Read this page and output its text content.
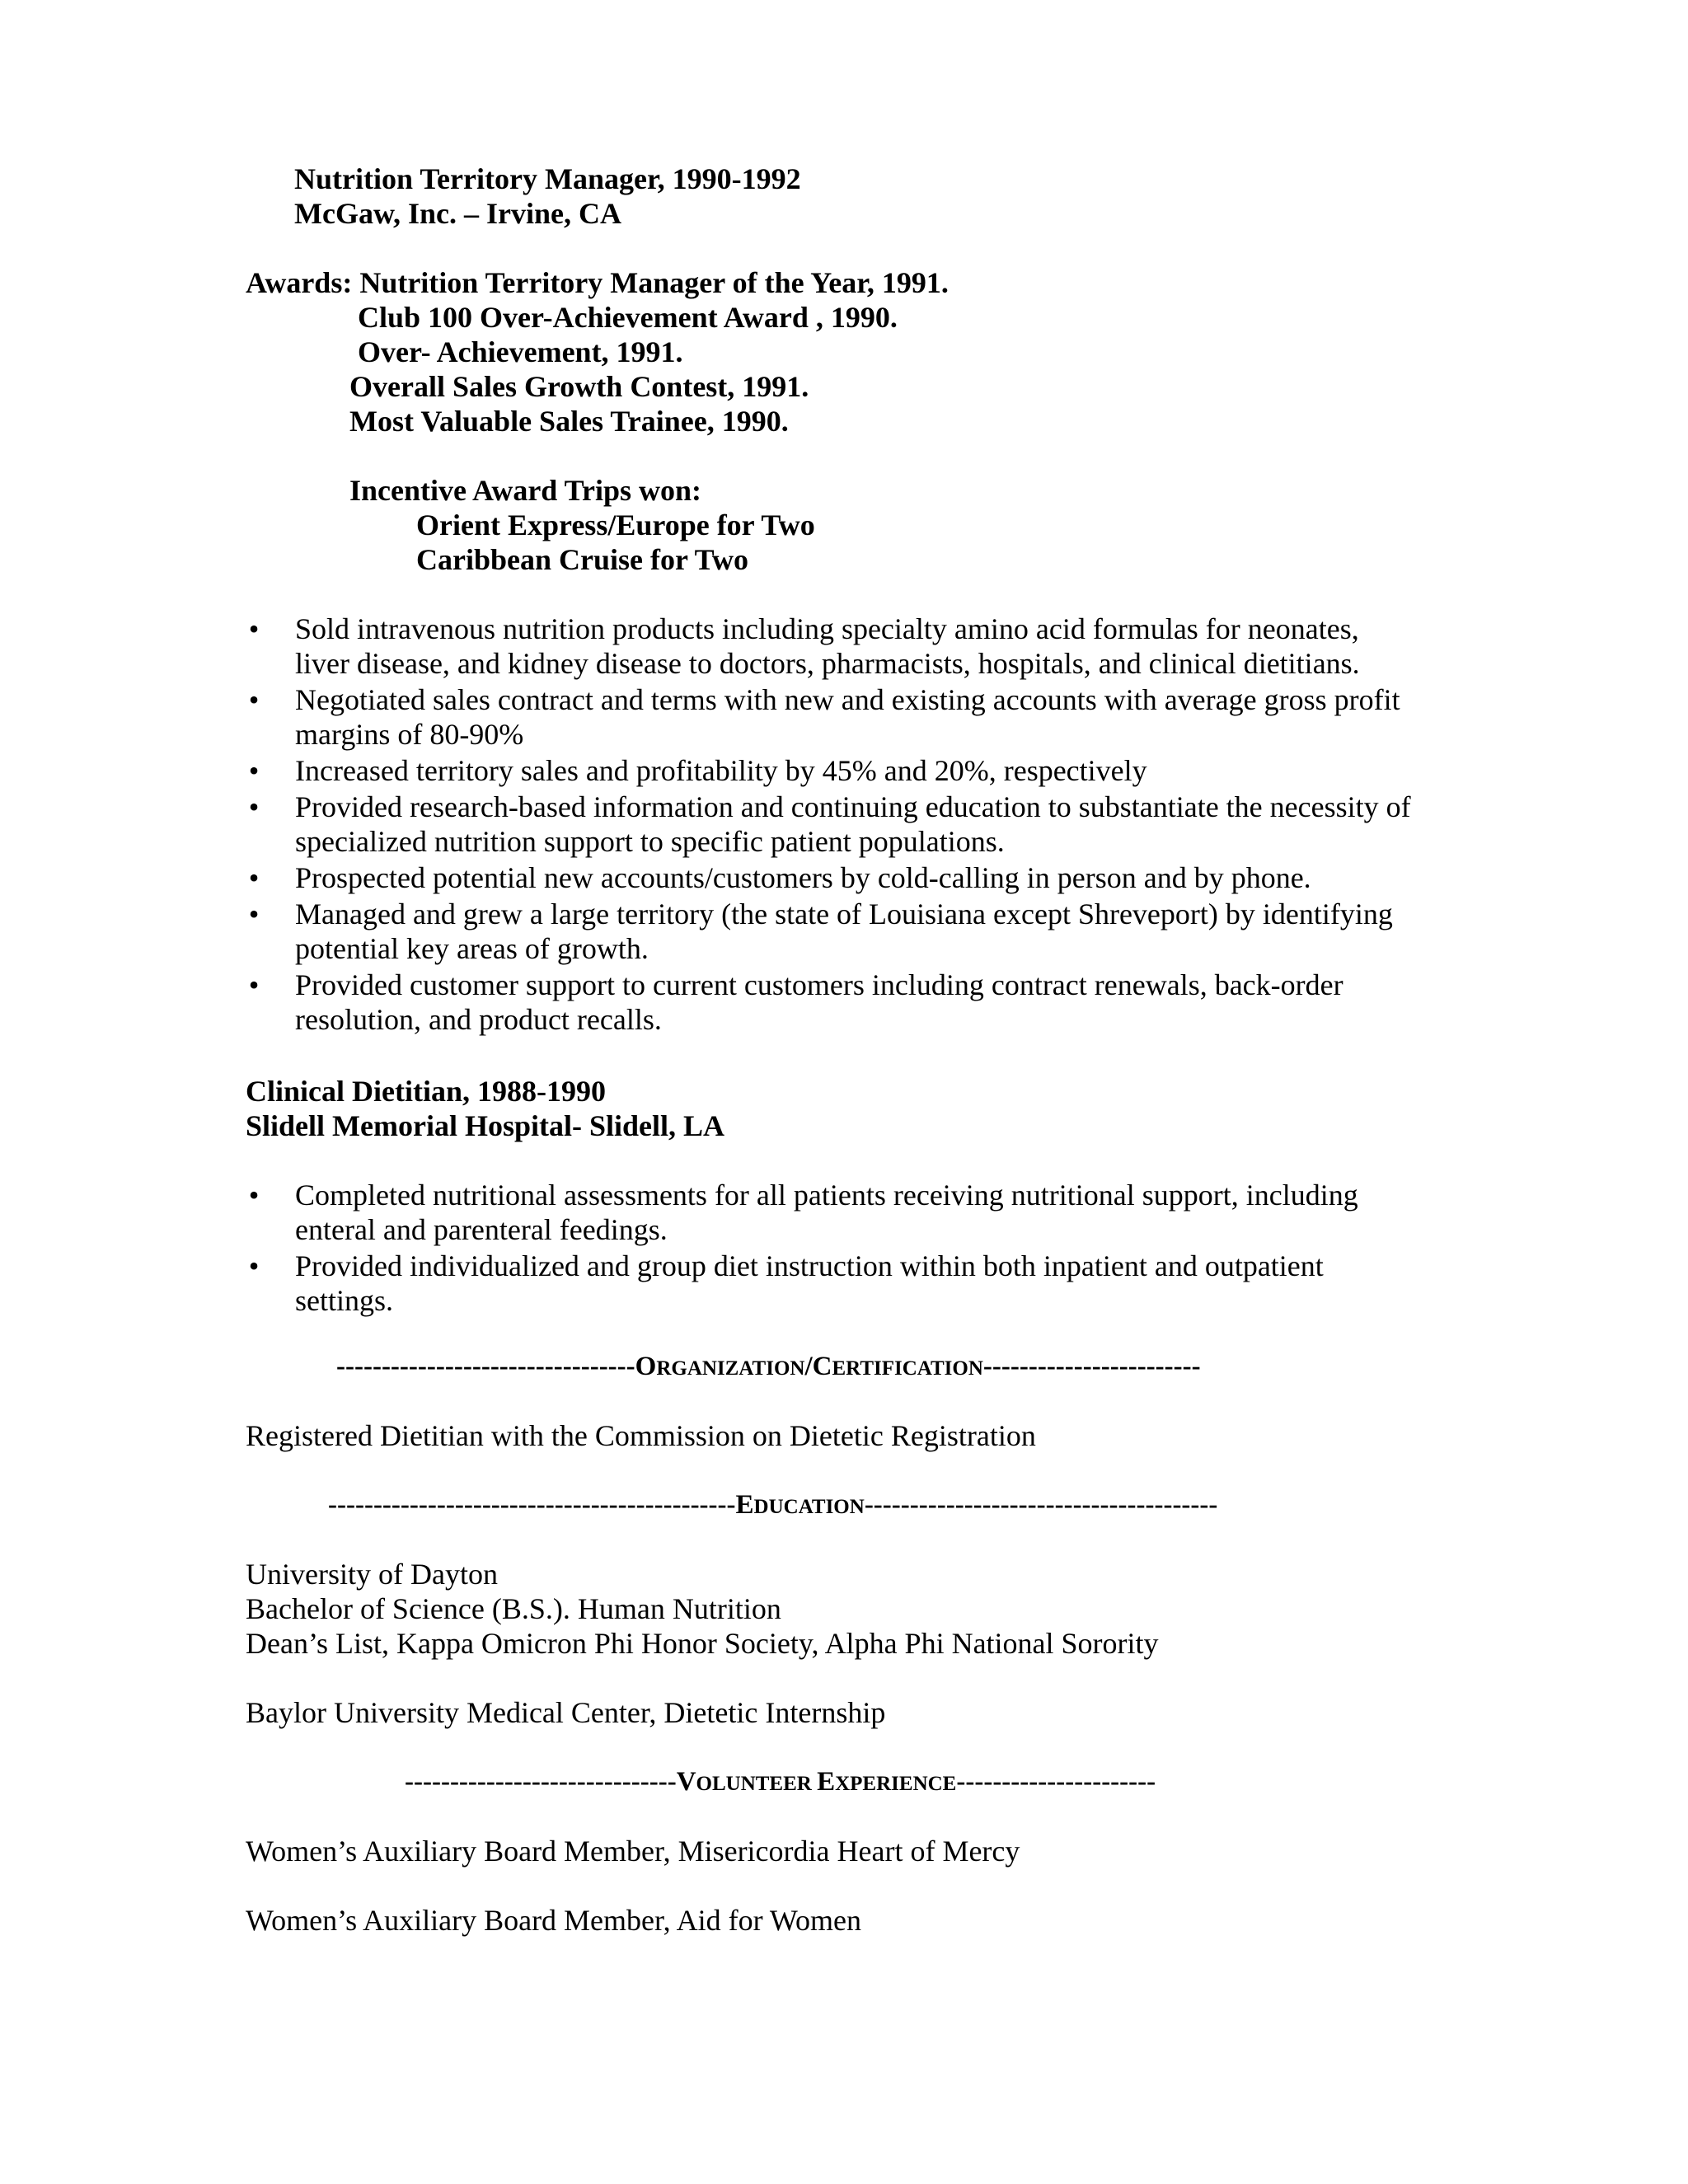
Nutrition Territory Manager, 1990-1992
McGaw, Inc. – Irvine, CA
Awards: Nutrition Territory Manager of the Year, 1991.
Club 100 Over-Achievement Award , 1990.
Over- Achievement, 1991.
Overall Sales Growth Contest, 1991.
Most Valuable Sales Trainee, 1990.
Incentive Award Trips won:
Orient Express/Europe for Two
Caribbean Cruise for Two
• Sold intravenous nutrition products including specialty amino acid formulas for neonates,
liver disease, and kidney disease to doctors, pharmacists, hospitals, and clinical dietitians.
• Negotiated sales contract and terms with new and existing accounts with average gross profit
margins of 80-90%
• Increased territory sales and profitability by 45% and 20%, respectively
• Provided research-based information and continuing education to substantiate the necessity of
specialized nutrition support to specific patient populations.
• Prospected potential new accounts/customers by cold-calling in person and by phone.
• Managed and grew a large territory (the state of Louisiana except Shreveport) by identifying
potential key areas of growth.
• Provided customer support to current customers including contract renewals, back-order
resolution, and product recalls.
Clinical Dietitian, 1988-1990
Slidell Memorial Hospital- Slidell, LA
• Completed nutritional assessments for all patients receiving nutritional support, including
enteral and parenteral feedings.
• Provided individualized and group diet instruction within both inpatient and outpatient
settings.
---------------------------------ORGANIZATION/CERTIFICATION------------------------
Registered Dietitian with the Commission on Dietetic Registration
---------------------------------------------EDUCATION---------------------------------------
University of Dayton
Bachelor of Science (B.S.). Human Nutrition
Dean’s List, Kappa Omicron Phi Honor Society, Alpha Phi National Sorority
Baylor University Medical Center, Dietetic Internship
------------------------------VOLUNTEER EXPERIENCE----------------------
Women’s Auxiliary Board Member, Misericordia Heart of Mercy
Women’s Auxiliary Board Member, Aid for Women
